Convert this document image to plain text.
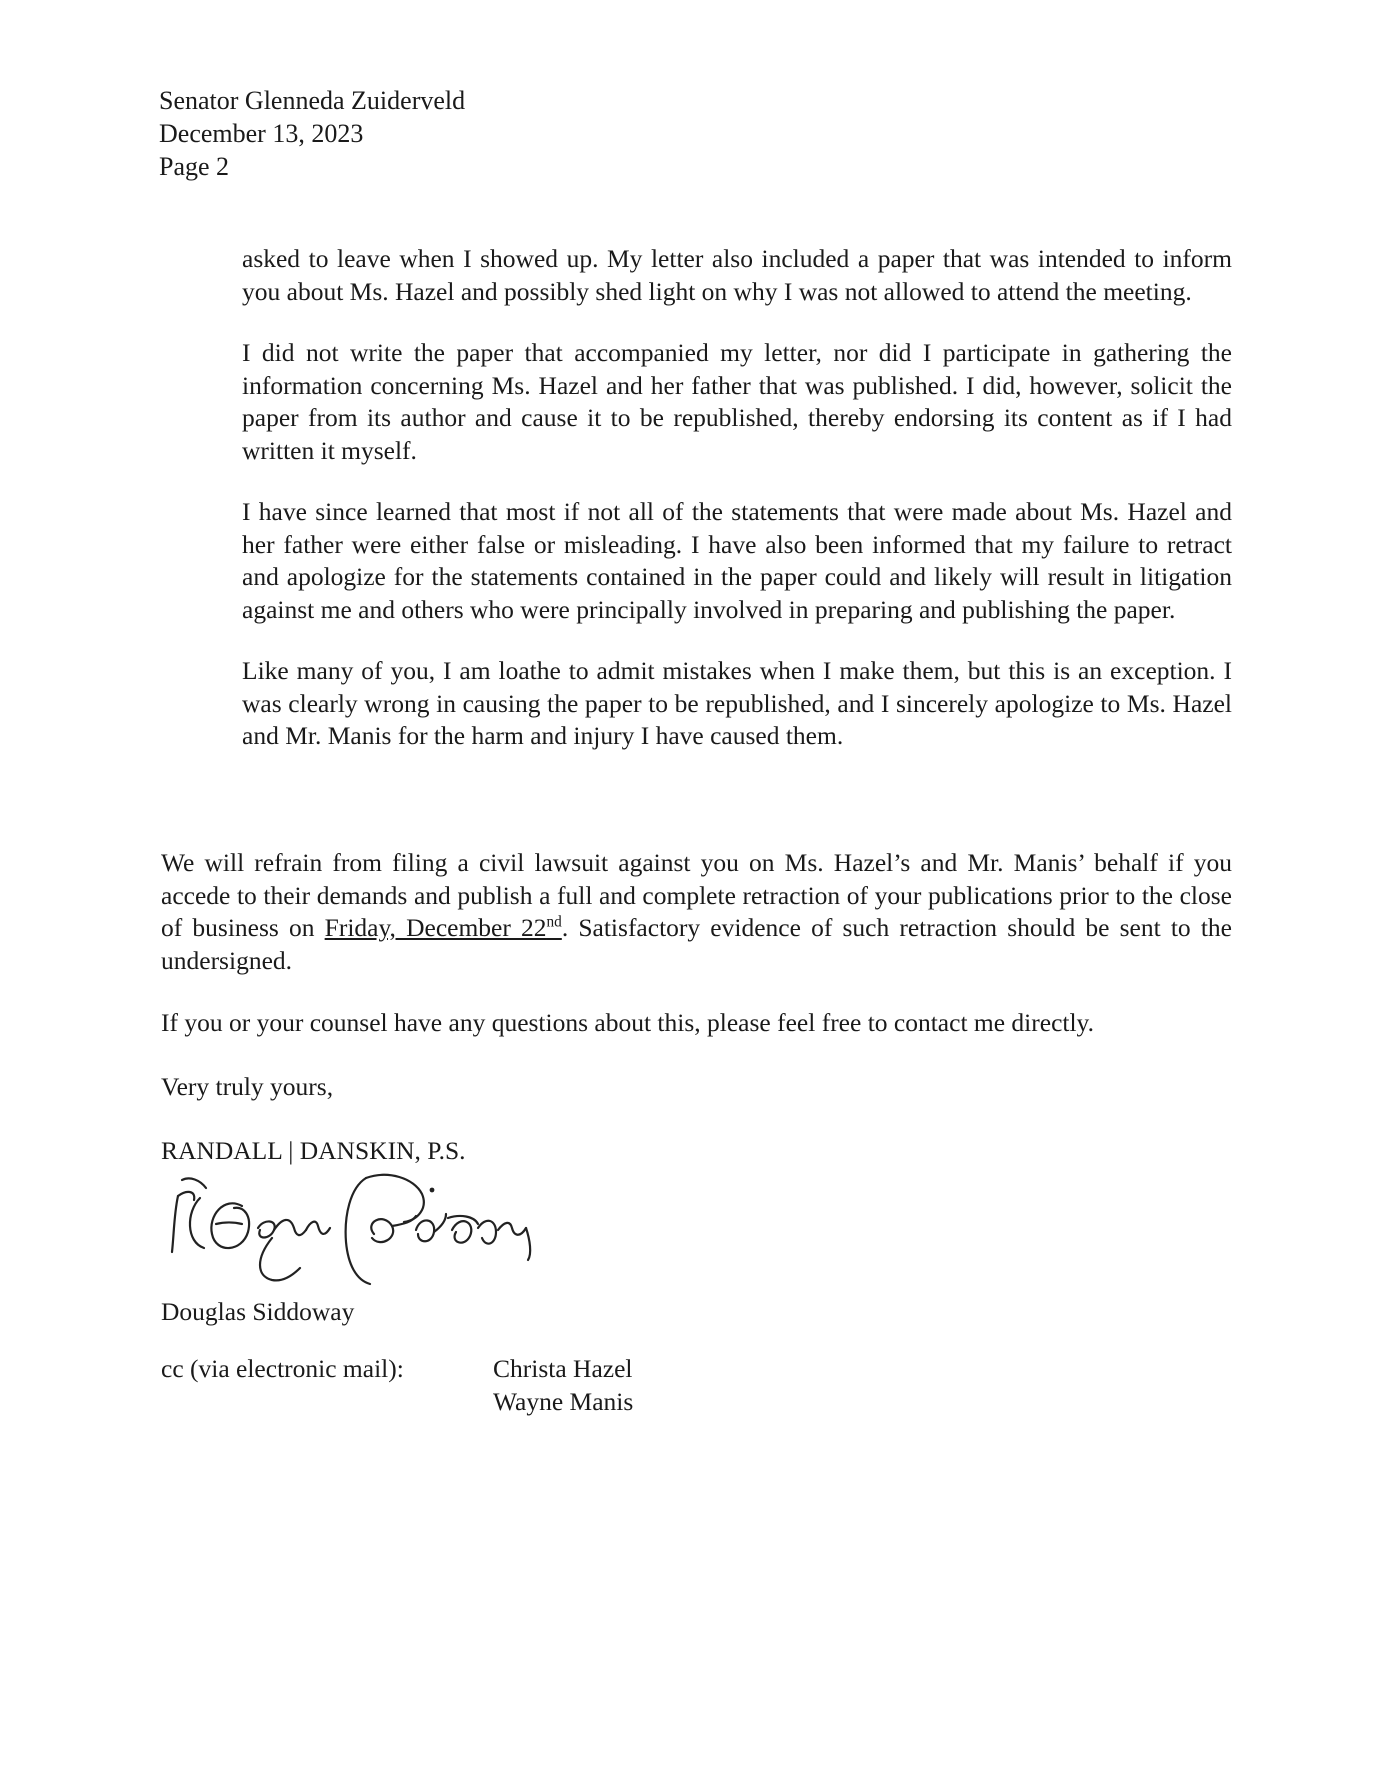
Senator Glenneda Zuiderveld
December 13, 2023
Page 2

asked to leave when I showed up. My letter also included a paper that was intended to inform you about Ms. Hazel and possibly shed light on why I was not allowed to attend the meeting.

I did not write the paper that accompanied my letter, nor did I participate in gathering the information concerning Ms. Hazel and her father that was published. I did, however, solicit the paper from its author and cause it to be republished, thereby endorsing its content as if I had written it myself.

I have since learned that most if not all of the statements that were made about Ms. Hazel and her father were either false or misleading. I have also been informed that my failure to retract and apologize for the statements contained in the paper could and likely will result in litigation against me and others who were principally involved in preparing and publishing the paper.

Like many of you, I am loathe to admit mistakes when I make them, but this is an exception. I was clearly wrong in causing the paper to be republished, and I sincerely apologize to Ms. Hazel and Mr. Manis for the harm and injury I have caused them.

We will refrain from filing a civil lawsuit against you on Ms. Hazel’s and Mr. Manis’ behalf if you accede to their demands and publish a full and complete retraction of your publications prior to the close of business on Friday, December 22nd. Satisfactory evidence of such retraction should be sent to the undersigned.

If you or your counsel have any questions about this, please feel free to contact me directly.

Very truly yours,

RANDALL | DANSKIN, P.S.

Douglas Siddoway

cc (via electronic mail):	Christa Hazel
Wayne Manis
